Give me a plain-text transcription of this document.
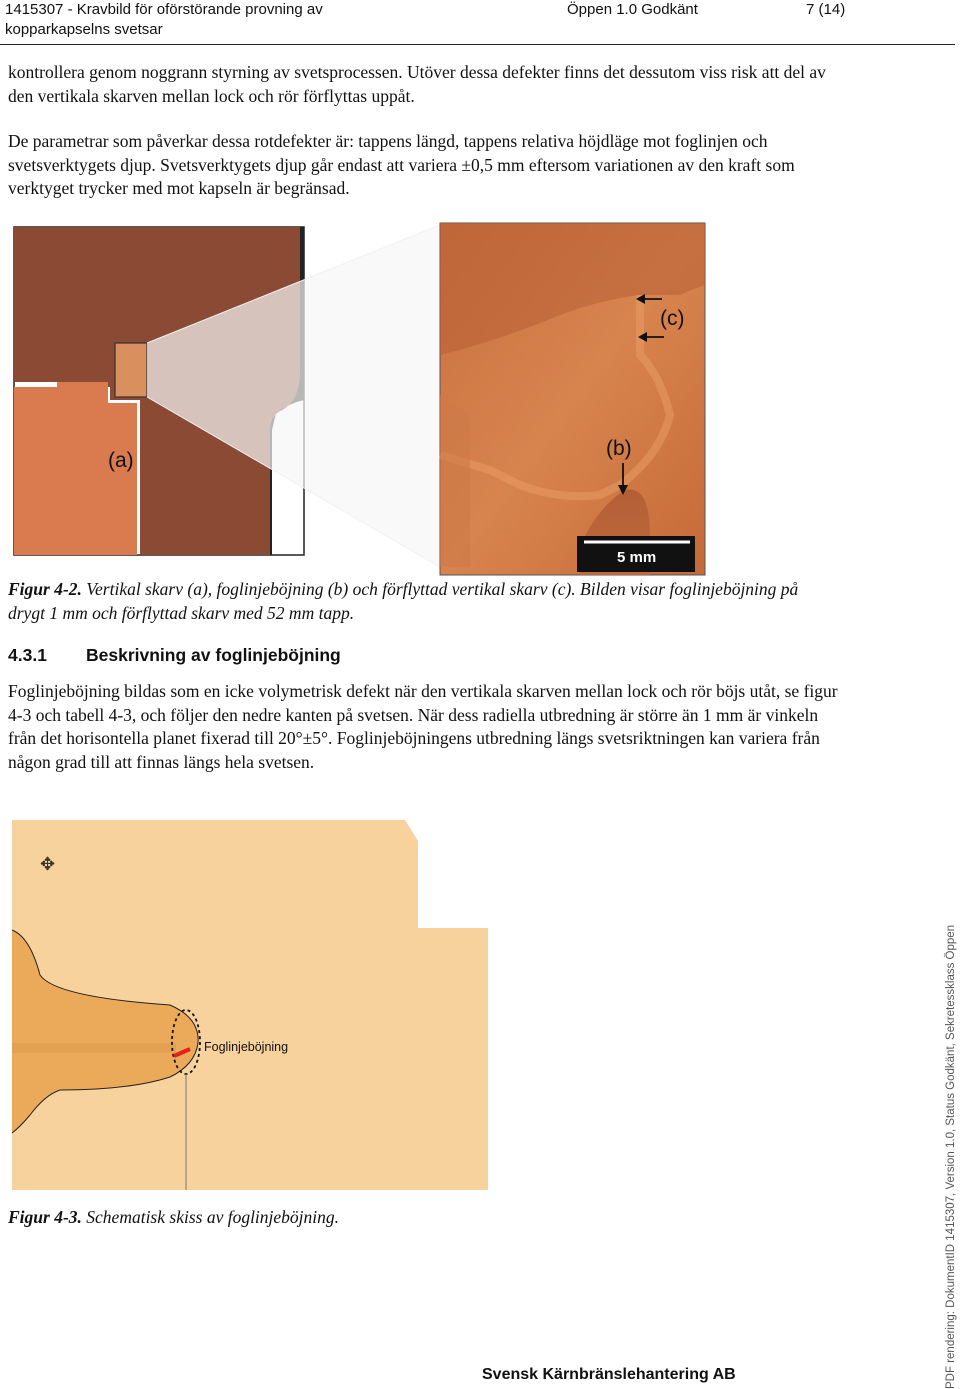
1415307 - Kravbild för oförstörande provning av kopparkapselns svetsar
Öppen 1.0 Godkänt	7 (14)

kontrollera genom noggrann styrning av svetsprocessen. Utöver dessa defekter finns det dessutom viss risk att del av den vertikala skarven mellan lock och rör förflyttas uppåt.

De parametrar som påverkar dessa rotdefekter är: tappens längd, tappens relativa höjdläge mot foglinjen och svetsverktygets djup. Svetsverktygets djup går endast att variera ±0,5 mm eftersom variationen av den kraft som verktyget trycker med mot kapseln är begränsad.

(a)
(b)
(c)
5 mm

Figur 4-2. Vertikal skarv (a), foglinjeböjning (b) och förflyttad vertikal skarv (c). Bilden visar foglinjeböjning på drygt 1 mm och förflyttad skarv med 52 mm tapp.

4.3.1 Beskrivning av foglinjeböjning

Foglinjeböjning bildas som en icke volymetrisk defekt när den vertikala skarven mellan lock och rör böjs utåt, se figur 4-3 och tabell 4-3, och följer den nedre kanten på svetsen. När dess radiella utbredning är större än 1 mm är vinkeln från det horisontella planet fixerad till 20°±5°. Foglinjeböjningens utbredning längs svetsriktningen kan variera från någon grad till att finnas längs hela svetsen.

Foglinjeböjning
✥

Figur 4-3. Schematisk skiss av foglinjeböjning.

Svensk Kärnbränslehantering AB	PDF rendering: DokumentID 1415307, Version 1.0, Status Godkänt, Sekretessklass Öppen
